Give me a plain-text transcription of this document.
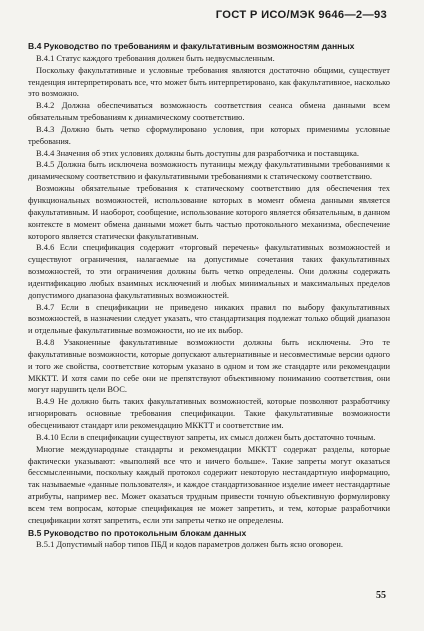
ГОСТ Р ИСО/МЭК 9646—2—93
В.4 Руководство по требованиям и факультативным возможностям данных

В.4.1 Статус каждого требования должен быть недвусмысленным.

Поскольку факультативные и условные требования являются достаточно общими, существует тенденция интерпретировать все, что может быть интерпретировано, как факультативное, насколько это возможно.

В.4.2 Должна обеспечиваться возможность соответствия сеанса обмена данными всем обязательным требованиям к динамическому соответствию.

В.4.3 Должно быть четко сформулировано условия, при которых применимы условные требования.

В.4.4 Значения об этих условиях должны быть доступны для разработчика и поставщика.

В.4.5 Должна быть исключена возможность путаницы между факультативными требованиями к динамическому соответствию и факультативными требованиями к статическому соответствию.

Возможны обязательные требования к статическому соответствию для обеспечения тех функциональных возможностей, использование которых в момент обмена данными является факультативным. И наоборот, сообщение, использование которого является обязательным, в данном контексте в момент обмена данными может быть частью протокольного механизма, обеспечение которого является статически факультативным.

В.4.6 Если спецификация содержит «торговый перечень» факультативных возможностей и существуют ограничения, налагаемые на допустимые сочетания таких факультативных возможностей, то эти ограничения должны быть четко определены. Они должны содержать идентификацию любых взаимных исключений и любых минимальных и максимальных пределов допустимого диапазона факультативных возможностей.

В.4.7 Если в спецификации не приведено никаких правил по выбору факультативных возможностей, в назначении следует указать, что стандартизация подлежат только общий диапазон и отдельные факультативные возможности, но не их выбор.

В.4.8 Узаконенные факультативные возможности должны быть исключены. Это те факультативные возможности, которые допускают альтернативные и несовместимые версии одного и того же свойства, соответствие которым указано в одном и том же стандарте или рекомендации МККТТ. И хотя сами по себе они не препятствуют объективному пониманию соответствия, они могут нарушить цели ВОС.

В.4.9 Не должно быть таких факультативных возможностей, которые позволяют разработчику игнорировать основные требования спецификации. Такие факультативные возможности обесценивают стандарт или рекомендацию МККТТ и соответствие им.

В.4.10 Если в спецификации существуют запреты, их смысл должен быть достаточно точным.

Многие международные стандарты и рекомендации МККТТ содержат разделы, которые фактически указывают: «выполняй все что и ничего больше». Такие запреты могут оказаться бессмысленными, поскольку каждый протокол содержит некоторую нестандартную информацию, так называемые «данные пользователя», и каждое стандартизованное изделие имеет нестандартные атрибуты, например вес. Может оказаться трудным привести точную объективную формулировку всем тем вопросам, которые спецификация не может запретить, и тем, которые разработчики спецификации хотят запретить, если эти запреты четко не определены.

В.5 Руководство по протокольным блокам данных

В.5.1 Допустимый набор типов ПБД и кодов параметров должен быть ясно оговорен.

55
